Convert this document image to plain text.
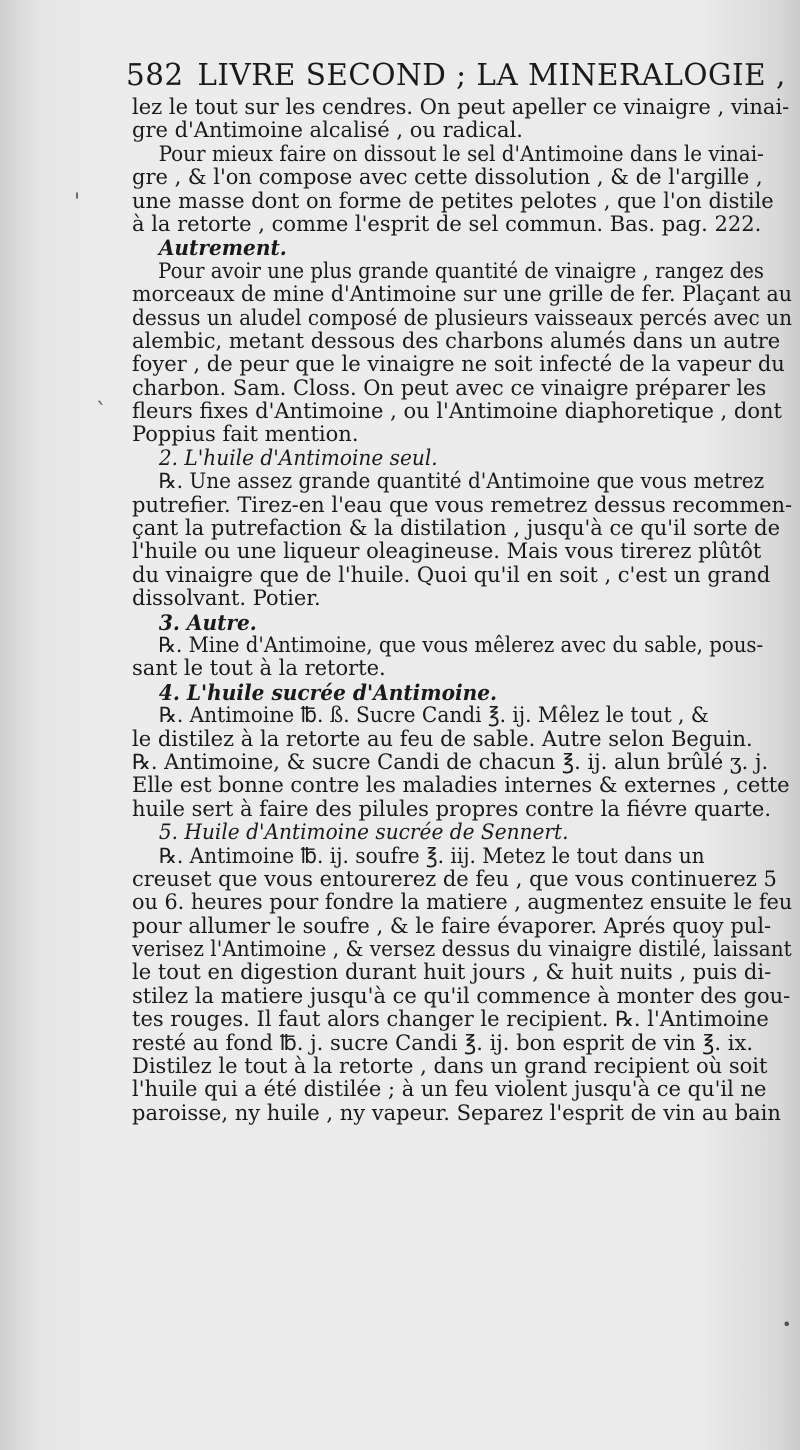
'
`
•
582 LIVRE SECOND ; LA MINERALOGIE ,
lez le tout sur les cendres. On peut apeller ce vinaigre , vinai-
gre d'Antimoine alcalisé , ou radical.
Pour mieux faire on dissout le sel d'Antimoine dans le vinai-
gre , & l'on compose avec cette dissolution , & de l'argille ,
une masse dont on forme de petites pelotes , que l'on distile
à la retorte , comme l'esprit de sel commun. Bas. pag. 222.
Autrement.
Pour avoir une plus grande quantité de vinaigre , rangez des
morceaux de mine d'Antimoine sur une grille de fer. Plaçant au
dessus un aludel composé de plusieurs vaisseaux percés avec un
alembic, metant dessous des charbons alumés dans un autre
foyer , de peur que le vinaigre ne soit infecté de la vapeur du
charbon. Sam. Closs. On peut avec ce vinaigre préparer les
fleurs fixes d'Antimoine , ou l'Antimoine diaphoretique , dont
Poppius fait mention.
2. L'huile d'Antimoine seul.
℞. Une assez grande quantité d'Antimoine que vous metrez
putrefier. Tirez-en l'eau que vous remetrez dessus recommen-
çant la putrefaction & la distilation , jusqu'à ce qu'il sorte de
l'huile ou une liqueur oleagineuse. Mais vous tirerez plûtôt
du vinaigre que de l'huile. Quoi qu'il en soit , c'est un grand
dissolvant. Potier.
3. Autre.
℞. Mine d'Antimoine, que vous mêlerez avec du sable, pous-
sant le tout à la retorte.
4. L'huile sucrée d'Antimoine.
℞. Antimoine ℔. ß. Sucre Candi ℥. ij. Mêlez le tout , &
le distilez à la retorte au feu de sable. Autre selon Beguin.
℞. Antimoine, & sucre Candi de chacun ℥. ij. alun brûlé ʒ. j.
Elle est bonne contre les maladies internes & externes , cette
huile sert à faire des pilules propres contre la fiévre quarte.
5. Huile d'Antimoine sucrée de Sennert.
℞. Antimoine ℔. ij. soufre ℥. iij. Metez le tout dans un
creuset que vous entourerez de feu , que vous continuerez 5
ou 6. heures pour fondre la matiere , augmentez ensuite le feu
pour allumer le soufre , & le faire évaporer. Aprés quoy pul-
verisez l'Antimoine , & versez dessus du vinaigre distilé, laissant
le tout en digestion durant huit jours , & huit nuits , puis di-
stilez la matiere jusqu'à ce qu'il commence à monter des gou-
tes rouges. Il faut alors changer le recipient. ℞. l'Antimoine
resté au fond ℔. j. sucre Candi ℥. ij. bon esprit de vin ℥. ix.
Distilez le tout à la retorte , dans un grand recipient où soit
l'huile qui a été distilée ; à un feu violent jusqu'à ce qu'il ne
paroisse, ny huile , ny vapeur. Separez l'esprit de vin au bain
